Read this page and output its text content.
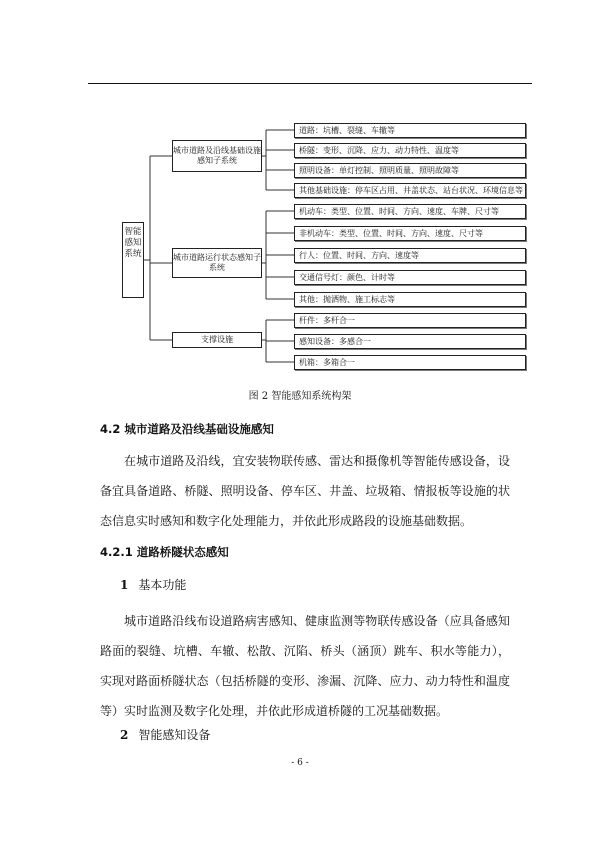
智能感知系统
城市道路及沿线基础设施感知子系统
城市道路运行状态感知子系统
支撑设施
道路：坑槽、裂缝、车辙等
桥隧：变形、沉降、应力、动力特性、温度等
照明设备：单灯控制、照明质量、照明故障等
其他基础设施：停车区占用、井盖状态、站台状况、环境信息等
机动车：类型、位置、时间、方向、速度、车牌、尺寸等
非机动车：类型、位置、时间、方向、速度、尺寸等
行人：位置、时间、方向、速度等
交通信号灯：颜色、计时等
其他：抛洒物、施工标志等
杆件：多杆合一
感知设备：多感合一
机箱：多箱合一
图 2 智能感知系统构架
4.2 城市道路及沿线基础设施感知
在城市道路及沿线，宜安装物联传感、雷达和摄像机等智能传感设备，设备宜具备道路、桥隧、照明设备、停车区、井盖、垃圾箱、情报板等设施的状态信息实时感知和数字化处理能力，并依此形成路段的设施基础数据。
4.2.1 道路桥隧状态感知
1 基本功能
城市道路沿线布设道路病害感知、健康监测等物联传感设备（应具备感知路面的裂缝、坑槽、车辙、松散、沉陷、桥头（涵顶）跳车、积水等能力），实现对路面桥隧状态（包括桥隧的变形、渗漏、沉降、应力、动力特性和温度等）实时监测及数字化处理，并依此形成道桥隧的工况基础数据。
2 智能感知设备
- 6 -
